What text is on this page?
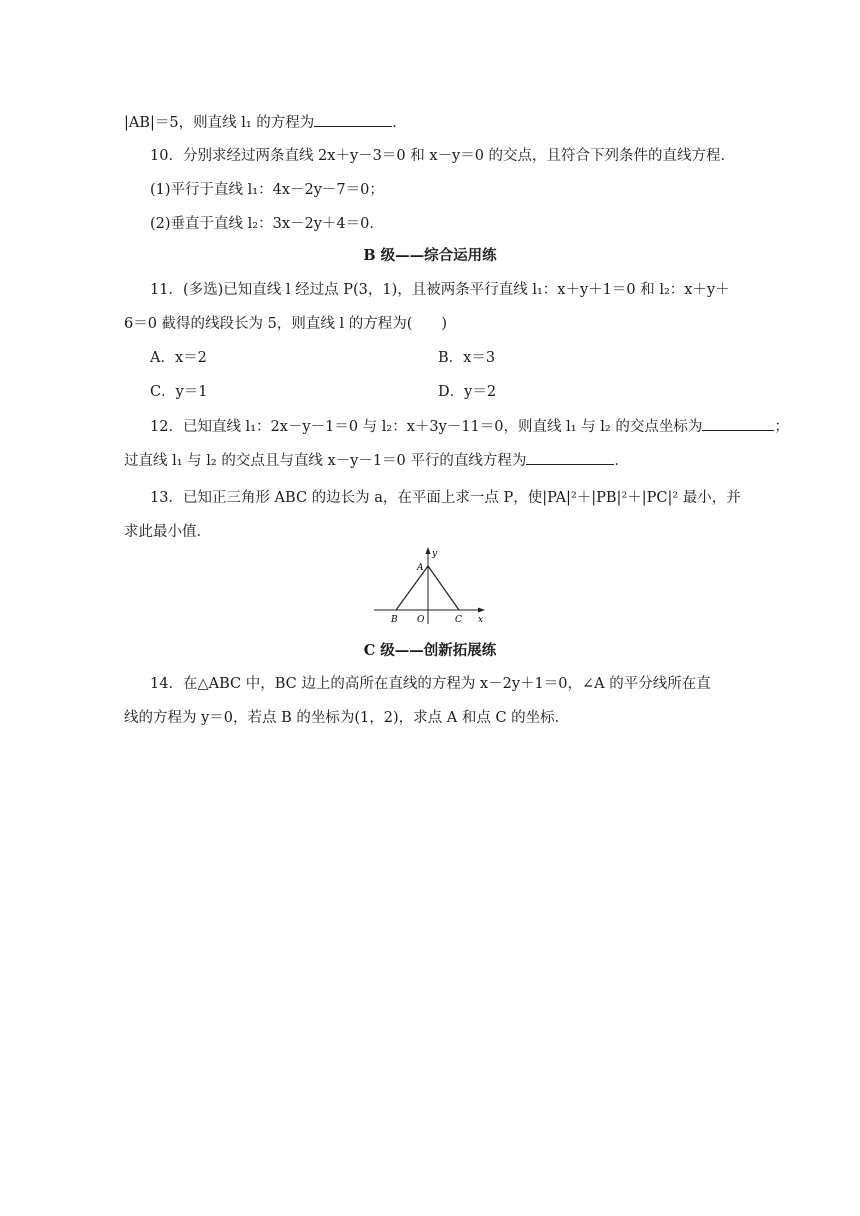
|AB|＝5，则直线 l₁ 的方程为	．
10．分别求经过两条直线 2x＋y－3＝0 和 x－y＝0 的交点，且符合下列条件的直线方程．
(1)平行于直线 l₁：4x－2y－7＝0；
(2)垂直于直线 l₂：3x－2y＋4＝0．
B 级——综合运用练
11．(多选)已知直线 l 经过点 P(3，1)，且被两条平行直线 l₁：x＋y＋1＝0 和 l₂：x＋y＋
6＝0 截得的线段长为 5，则直线 l 的方程为(　　)
A．x＝2	B．x＝3
C．y＝1	D．y＝2
12．已知直线 l₁：2x－y－1＝0 与 l₂：x＋3y－11＝0，则直线 l₁ 与 l₂ 的交点坐标为	；
过直线 l₁ 与 l₂ 的交点且与直线 x－y－1＝0 平行的直线方程为	．
13．已知正三角形 ABC 的边长为 a，在平面上求一点 P，使|PA|²＋|PB|²＋|PC|² 最小，并
求此最小值．
y
x
A
B O	C
C 级——创新拓展练
14．在△ABC 中，BC 边上的高所在直线的方程为 x－2y＋1＝0，∠A 的平分线所在直
线的方程为 y＝0，若点 B 的坐标为(1，2)，求点 A 和点 C 的坐标．
